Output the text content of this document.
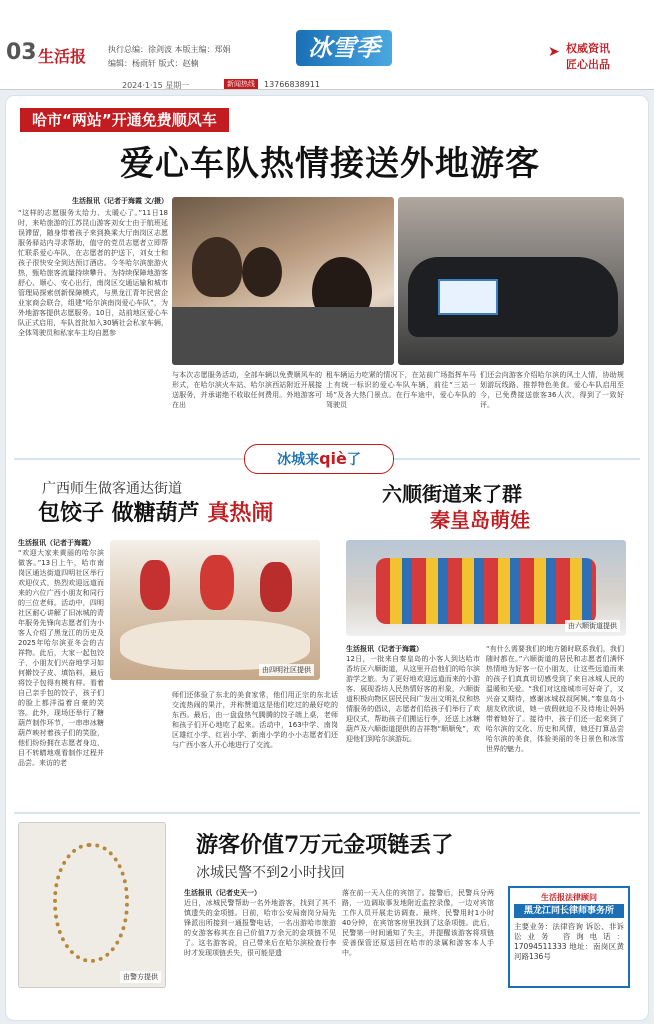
03 生活报	执行总编：徐剑波 本版主编：郑娟
编辑：杨雨轩 版式：赵楠
2024·1·15 星期一	新闻热线	13766838911
冰雪季	➤ 权威资讯
匠心出品
哈市“两站”开通免费顺风车
爱心车队热情接送外地游客
生活报讯（记者于海霞 文/摄）
“这样的志愿服务太给力、太暖心了。”11日18时，来哈旅游的江苏昆山游客刘女士由于航班延误滞留，随身带着孩子来到换乘大厅南岗区志愿服务驿站内寻求帮助，值守的党员志愿者立即帮忙联系爱心车队，在志愿者的护送下，刘女士和孩子很快安全到达预订酒店。今冬哈尔滨旅游火热，甄哈旅客流量持续攀升。为持续保障地游客舒心、顺心、安心出行，南岗区交通运输和城市管理局探索创新保障模式，与黑龙江青年民营企业家商会联合，组建“哈尔滨南岗爱心车队”，为外地游客提供志愿服务。10日，站前地区爱心车队正式启用，车队首批加入30辆社会私家车辆，全体驾驶员和私家车主均自愿参
与本次志愿服务活动，全部车辆以免费顺风车的形式，在哈尔滨火车站、哈尔滨西站附近开展接送服务，并承诺绝不收取任何费用。外地游客可在出
租车辆运力吃紧的情况下，在站前广场指挥车马上有统一标识的爱心车队车辆，前往“三站一场”及各大热门景点。在行车途中，爱心车队的驾驶员
们还会向游客介绍哈尔滨的风土人情，协助规划游玩线路、推荐特色美食。爱心车队启用至今，已免费接送旅客36人次，得到了一致好评。
冰城来qiè了
广西师生做客通达街道
包饺子 做糖葫芦 真热闹
生活报讯（记者于海霞）
“欢迎大家来黄丽的哈尔滨做客。”13日上午，哈市南岗区通达街道四明社区举行欢迎仪式，热烈欢迎远道而来的六位广西小朋友和同行的三位老师。活动中，四明社区耐心讲解了旧冰城的青年服务先锋向志愿者们为小客人介绍了黑龙江的历史及2025年哈尔滨亚冬会的吉祥物。此后，大家一起包饺子，小朋友们兴奋地学习如何擀饺子皮、填馅料，最后将饺子包得有模有样。看着自己亲手包的饺子，孩子们的脸上都洋溢着自豪的笑容。此外，现场还举行了糖葫芦制作环节，一串串冰糖葫芦映衬着孩子们的笑脸，他们纷纷拥在志愿者身边，目不转睛地观看制作过程并品尝。来访的老
由四明社区提供
师们还体验了东北的美食家常，他们用正宗的东北话交流热闹的果汁，并称赞道这是他们吃过的最好吃的东西。最后，由一盘盘热气腾腾的饺子端上桌，老师和孩子们开心地吃了起来。活动中，163中学、南岗区雄红小学、红岩小学、新南小学的小小志愿者们还与广西小客人开心地进行了交流。
六顺街道来了群
秦皇岛萌娃
由六顺街道提供
生活报讯（记者于海霞）
12日，一批来自秦皇岛的小客人到达哈市香坊区六顺街道，从这里开启他们的哈尔滨游学之旅。为了更好地欢迎远道而来的小游客、展现香坊人民热情好客的形象，六顺街道积极向物区居民民间广发出文明礼仪和热情服务的倡议，志愿者们给孩子们举行了欢迎仪式，帮助孩子们搬运行李，还送上冰糖葫芦及六顺街道提供的吉祥物“顺顺兔”，欢迎他们到哈尔滨游玩。
“有什么需要我们的地方随时联系我们，我们随时都在。”六顺街道的居民和志愿者们满怀热情地为好客一位小朋友，让这些远道而来的孩子们真真切切感受到了来自冰城人民的温暖和关爱。“我们对这座城市可好奇了，又兴奋又期待，感谢冰城叔叔阿姨。”秦皇岛小朋友欣欣说，她一放假就迫不及待地让妈妈带着她好了。接待中，孩子们还一起来到了哈尔滨的文化、历史和风情，她还打算品尝哈尔滨的美食，体验美丽的冬日景色和冰雪世界的魅力。
由警方提供
游客价值7万元金项链丢了
冰城民警不到2小时找回
生活报讯（记者史天一）
近日，冰城民警帮助一名外地游客，找到了其不慎遗失的金项链。日前，哈市公安局南岗分局先锋派出所接到一通报警电话，一名出游哈市旅游的女游客称其在自己价值7万余元的金项链不见了。这名游客说，自己带来后在哈尔滨检查行李时才发现项链丢失，很可能是遗
落在前一天入住的宾馆了。接警后，民警兵分两路，一边调取事发地附近监控录像，一边对宾馆工作人员开展走访调查。最终，民警用时1小时40分钟，在宾馆客房里找到了这条项链。此后，民警第一时间通知了失主，并提醒该游客将项链妥善保管还原送回在哈市的录属和游客本人手中。
生活报法律顾问
黑龙江同长律师事务所
主要业务：法律咨询 诉讼、非诉讼业务 咨询电话：17094511333 地址：南岗区黄河路136号
